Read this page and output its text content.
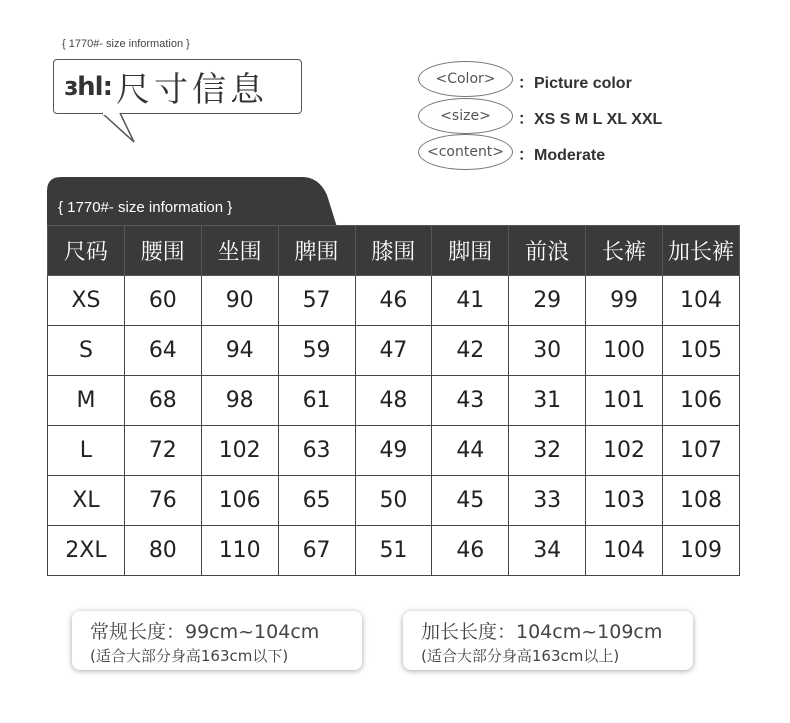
{ 1770#- size information }
ɜhl: 尺寸信息	<Color>	：Picture color
<size>	：XS S M L XL XXL
<content> ：Moderate
{ 1770#- size information }
尺码	腰围	坐围	脾围	膝围	脚围	前浪	长裤	加长裤
XS	60	90	57	46	41	29	99	104
S	64	94	59	47	42	30	100	105
M	68	98	61	48	43	31	101	106
L	72	102	63	49	44	32	102	107
XL	76	106	65	50	45	33	103	108
2XL	80	110	67	51	46	34	104	109
常规长度：99cm~104cm
(适合大部分身高163cm以下)
加长长度：104cm~109cm
(适合大部分身高163cm以上)
